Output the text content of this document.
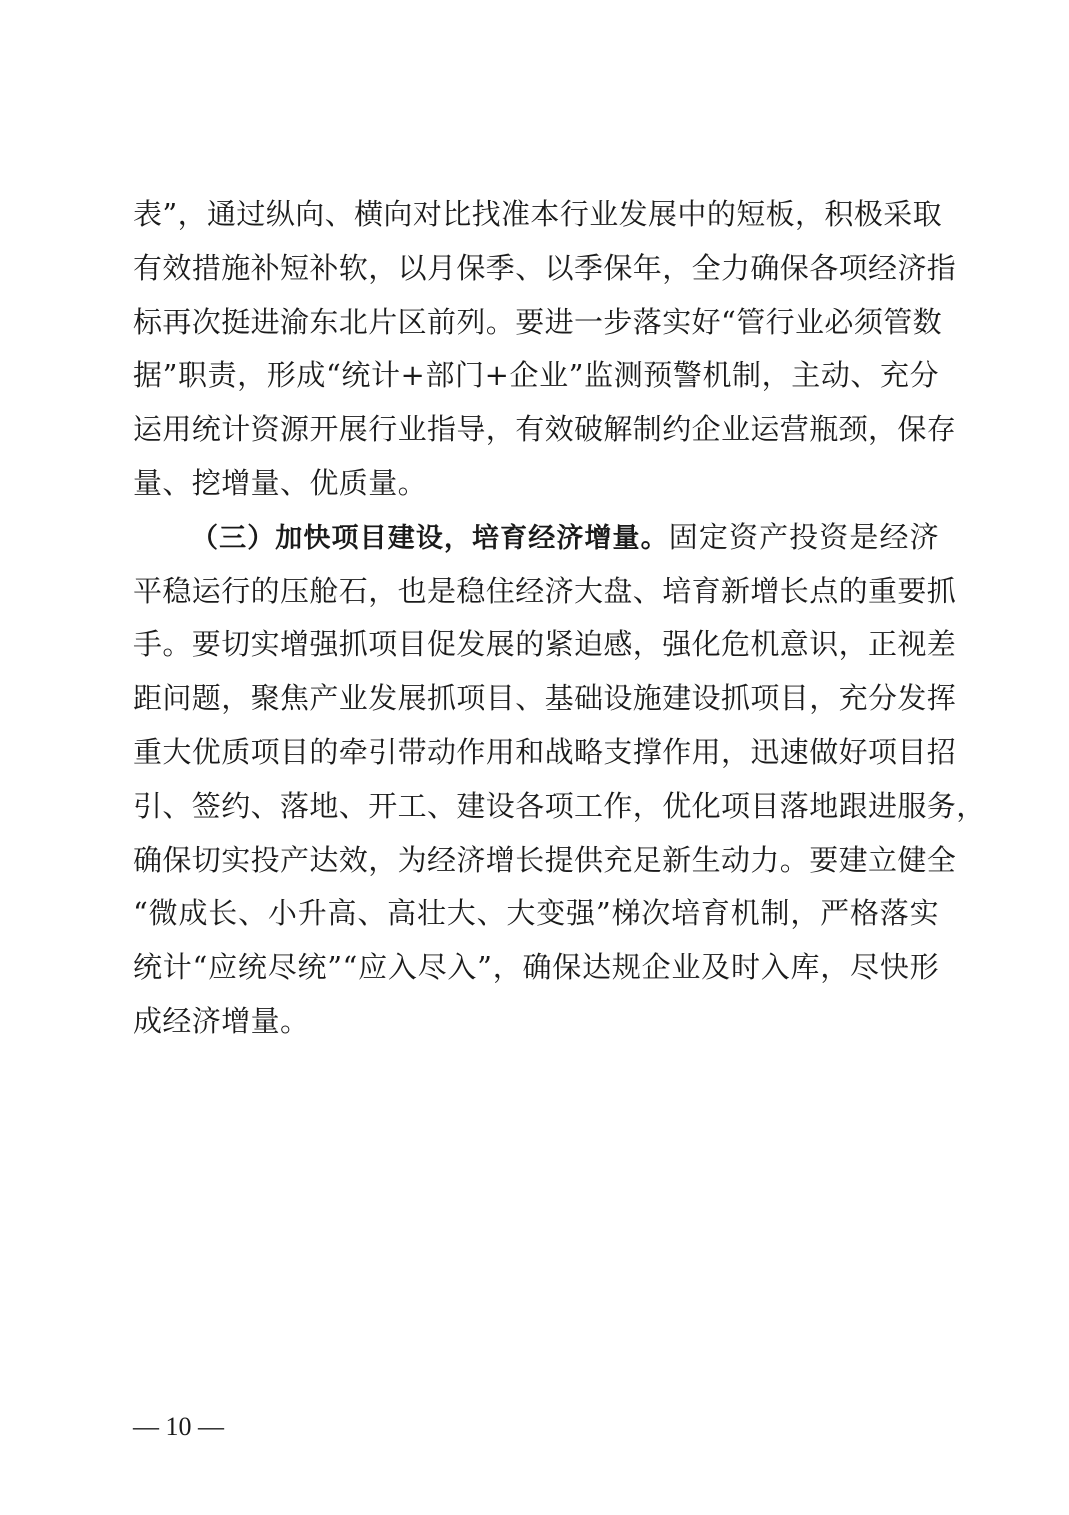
表”，通过纵向、横向对比找准本行业发展中的短板，积极采取
有效措施补短补软，以月保季、以季保年，全力确保各项经济指
标再次挺进渝东北片区前列。要进一步落实好“管行业必须管数
据”职责，形成“统计+部门+企业”监测预警机制，主动、充分
运用统计资源开展行业指导，有效破解制约企业运营瓶颈，保存
量、挖增量、优质量。
（三）加快项目建设，培育经济增量。固定资产投资是经济
平稳运行的压舱石，也是稳住经济大盘、培育新增长点的重要抓
手。要切实增强抓项目促发展的紧迫感，强化危机意识，正视差
距问题，聚焦产业发展抓项目、基础设施建设抓项目，充分发挥
重大优质项目的牵引带动作用和战略支撑作用，迅速做好项目招
引、签约、落地、开工、建设各项工作，优化项目落地跟进服务，
确保切实投产达效，为经济增长提供充足新生动力。要建立健全
“微成长、小升高、高壮大、大变强”梯次培育机制，严格落实
统计“应统尽统”“应入尽入”，确保达规企业及时入库，尽快形
成经济增量。
— 10 —
